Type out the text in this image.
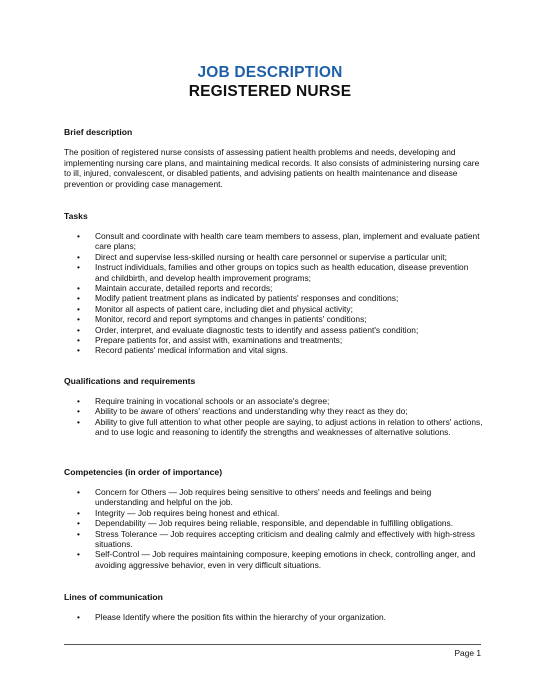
JOB DESCRIPTION
REGISTERED NURSE
Brief description
The position of registered nurse consists of assessing patient health problems and needs, developing and implementing nursing care plans, and maintaining medical records. It also consists of administering nursing care to ill, injured, convalescent, or disabled patients, and advising patients on health maintenance and disease prevention or providing case management.
Tasks
• Consult and coordinate with health care team members to assess, plan, implement and evaluate patient care plans;
• Direct and supervise less-skilled nursing or health care personnel or supervise a particular unit;
• Instruct individuals, families and other groups on topics such as health education, disease prevention and childbirth, and develop health improvement programs;
• Maintain accurate, detailed reports and records;
• Modify patient treatment plans as indicated by patients' responses and conditions;
• Monitor all aspects of patient care, including diet and physical activity;
• Monitor, record and report symptoms and changes in patients' conditions;
• Order, interpret, and evaluate diagnostic tests to identify and assess patient's condition;
• Prepare patients for, and assist with, examinations and treatments;
• Record patients' medical information and vital signs.
Qualifications and requirements
• Require training in vocational schools or an associate's degree;
• Ability to be aware of others' reactions and understanding why they react as they do;
• Ability to give full attention to what other people are saying, to adjust actions in relation to others' actions, and to use logic and reasoning to identify the strengths and weaknesses of alternative solutions.
Competencies (in order of importance)
• Concern for Others — Job requires being sensitive to others' needs and feelings and being understanding and helpful on the job.
• Integrity — Job requires being honest and ethical.
• Dependability — Job requires being reliable, responsible, and dependable in fulfilling obligations.
• Stress Tolerance — Job requires accepting criticism and dealing calmly and effectively with high-stress situations.
• Self-Control — Job requires maintaining composure, keeping emotions in check, controlling anger, and avoiding aggressive behavior, even in very difficult situations.
Lines of communication
• Please Identify where the position fits within the hierarchy of your organization.
Page 1
